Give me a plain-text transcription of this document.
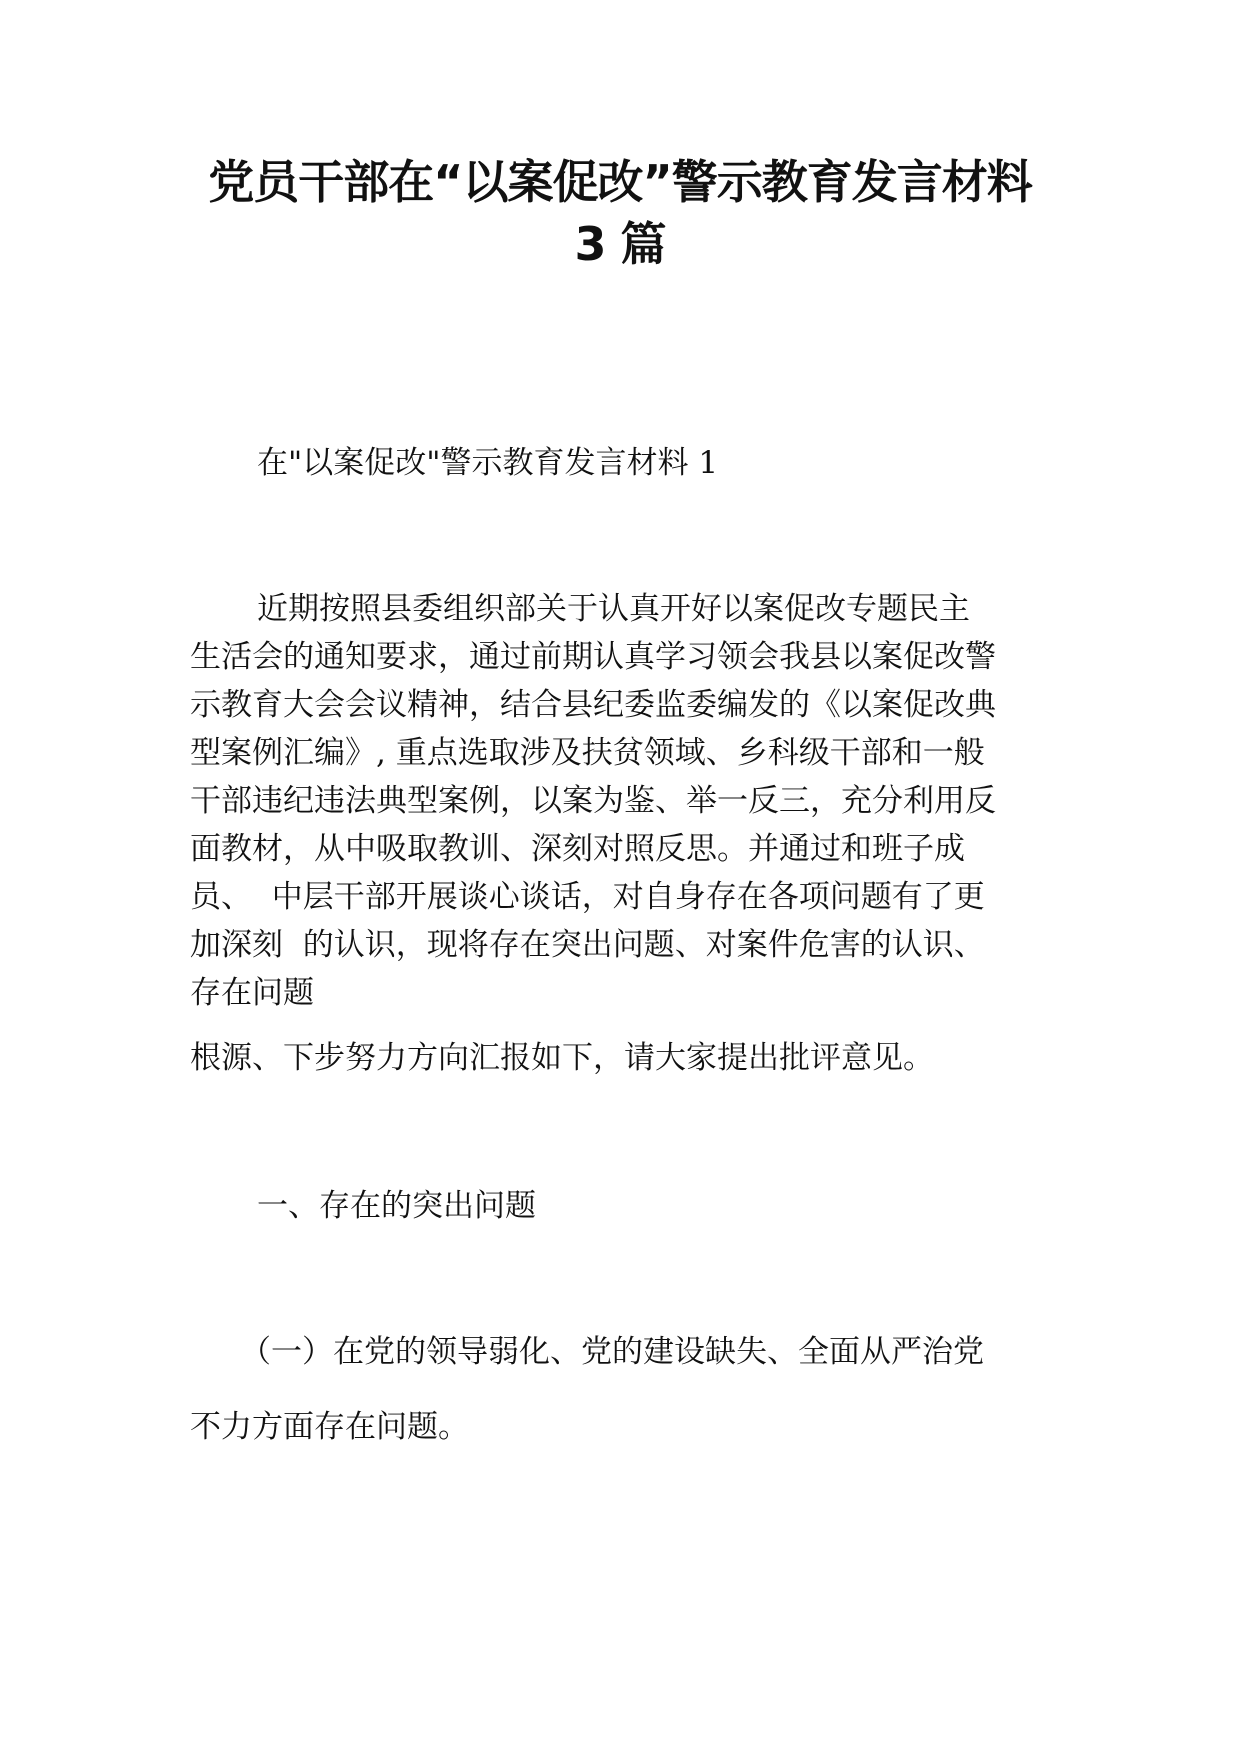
党员干部在“以案促改”警示教育发言材料
3 篇

在"以案促改"警示教育发言材料 1

近期按照县委组织部关于认真开好以案促改专题民主

生活会的通知要求，通过前期认真学习领会我县以案促改警

示教育大会会议精神，结合县纪委监委编发的《以案促改典

型案例汇编》, 重点选取涉及扶贫领域、乡科级干部和一般

干部违纪违法典型案例，以案为鉴、举一反三，充分利用反

面教材，从中吸取教训、深刻对照反思。并通过和班子成

员、  中层干部开展谈心谈话，对自身存在各项问题有了更

加深刻  的认识，现将存在突出问题、对案件危害的认识、

存在问题

根源、下步努力方向汇报如下，请大家提出批评意见。

一、存在的突出问题

（一）在党的领导弱化、党的建设缺失、全面从严治党

不力方面存在问题。
